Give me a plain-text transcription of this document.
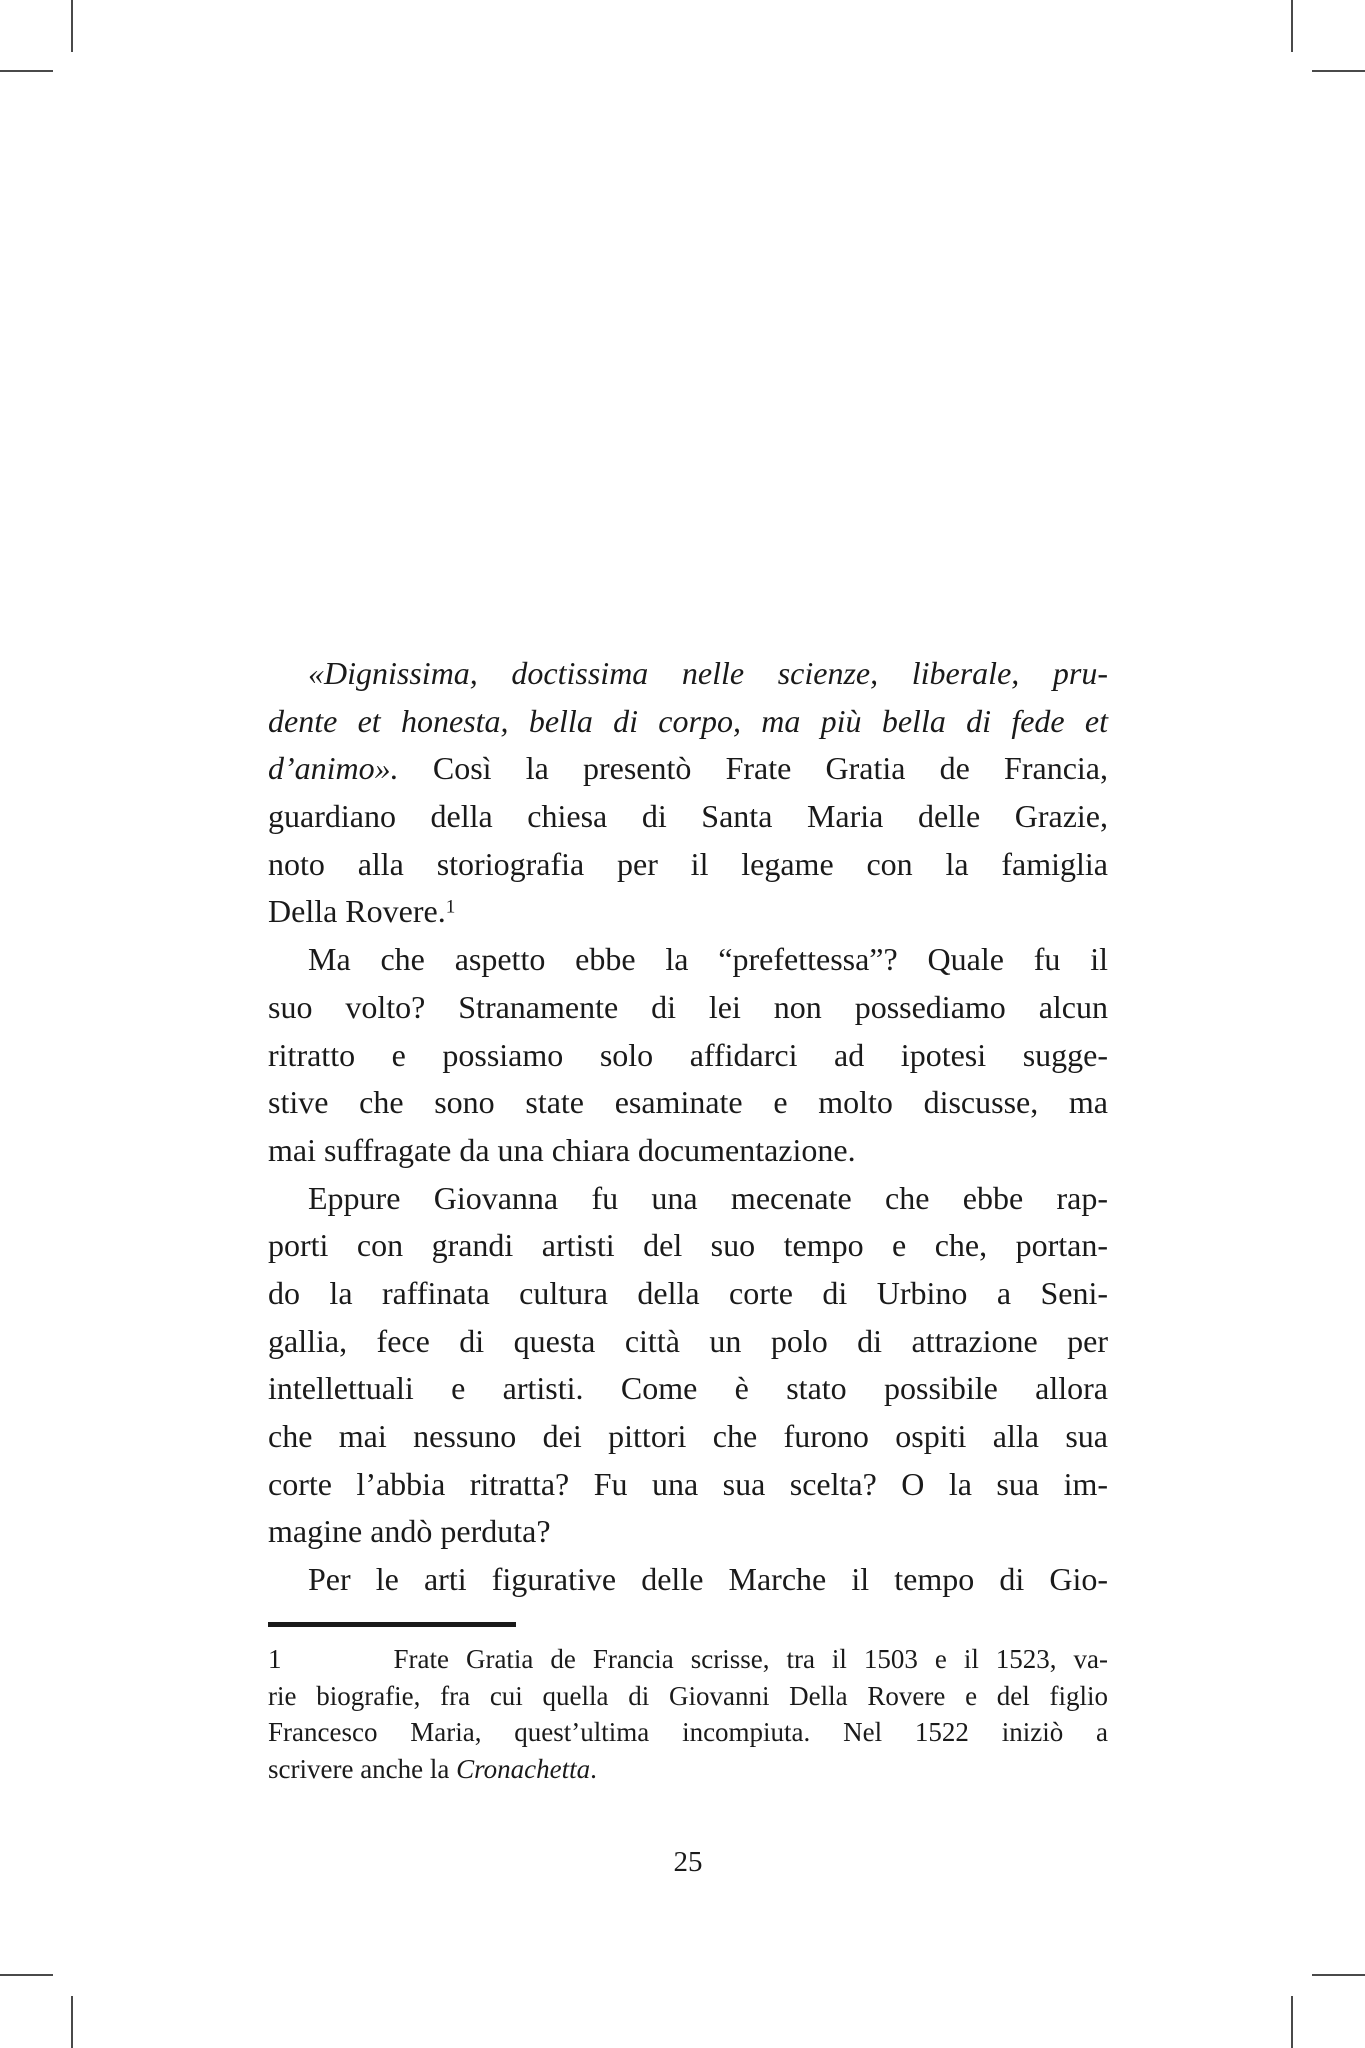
«Dignissima, doctissima nelle scienze, liberale, pru-
dente et honesta, bella di corpo, ma più bella di fede et
d’animo». Così la presentò Frate Gratia de Francia,
guardiano della chiesa di Santa Maria delle Grazie,
noto alla storiografia per il legame con la famiglia
Della Rovere.$^1$
Ma che aspetto ebbe la “prefettessa”? Quale fu il
suo volto? Stranamente di lei non possediamo alcun
ritratto e possiamo solo affidarci ad ipotesi sugge-
stive che sono state esaminate e molto discusse, ma
mai suffragate da una chiara documentazione.
Eppure Giovanna fu una mecenate che ebbe rap-
porti con grandi artisti del suo tempo e che, portan-
do la raffinata cultura della corte di Urbino a Seni-
gallia, fece di questa città un polo di attrazione per
intellettuali e artisti. Come è stato possibile allora
che mai nessuno dei pittori che furono ospiti alla sua
corte l’abbia ritratta? Fu una sua scelta? O la sua im-
magine andò perduta?
Per le arti figurative delle Marche il tempo di Gio-
1	Frate Gratia de Francia scrisse, tra il 1503 e il 1523, va-
rie biografie, fra cui quella di Giovanni Della Rovere e del figlio
Francesco Maria, quest’ultima incompiuta. Nel 1522 iniziò a
scrivere anche la Cronachetta.
25
